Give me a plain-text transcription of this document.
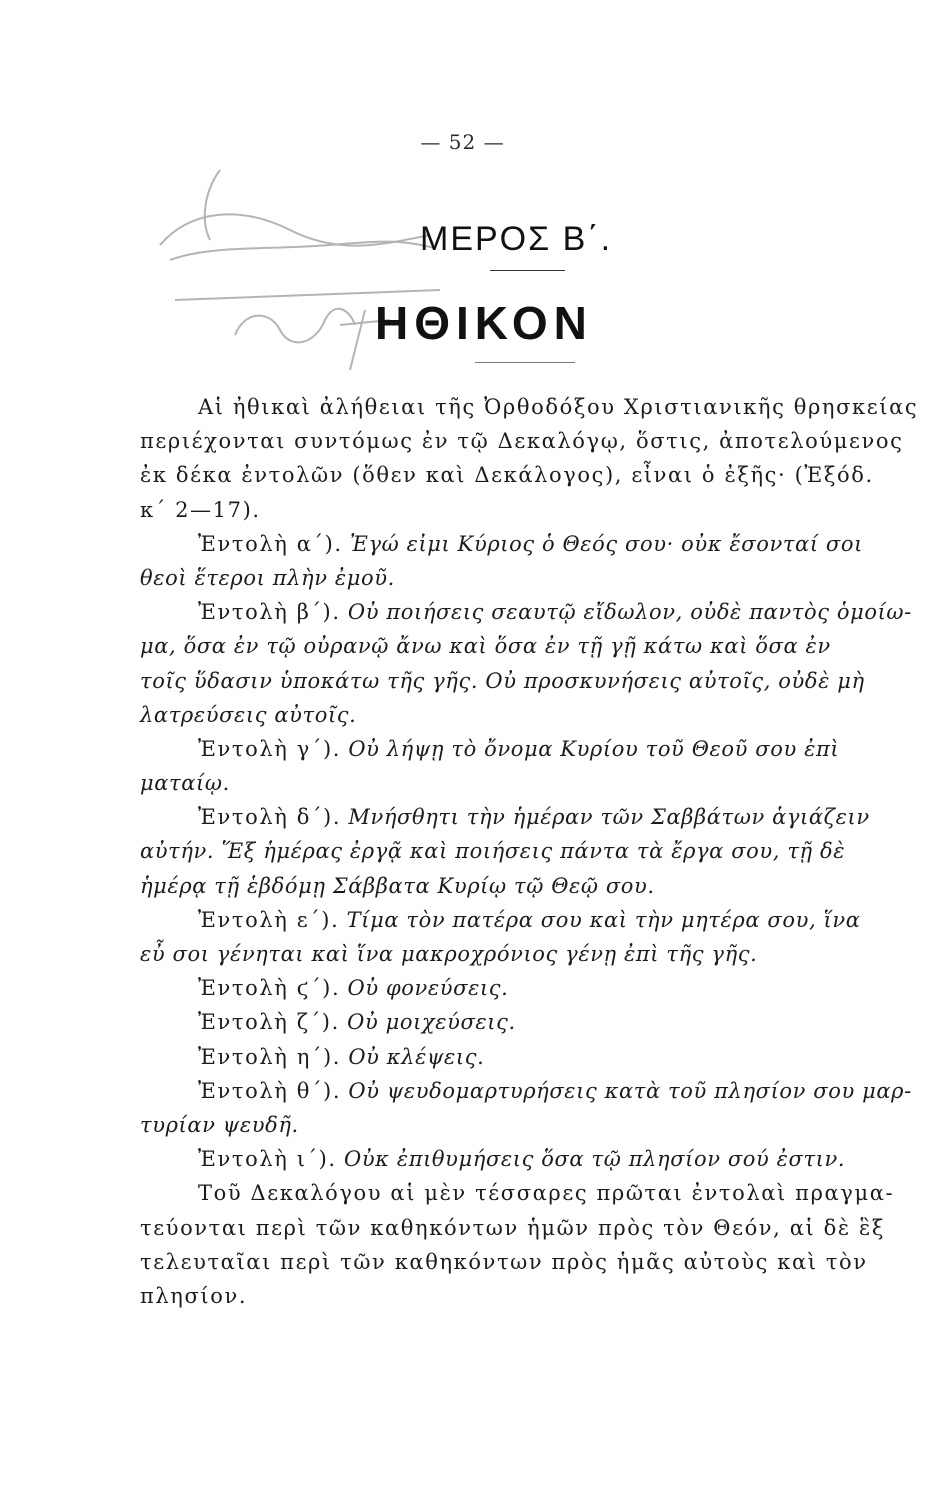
— 52 —
ΜΕΡΟΣ Β΄.
ΗΘΙΚΟΝ
Αἱ ἠθικαὶ ἀλήθειαι τῆς Ὀρθοδόξου Χριστιανικῆς θρησκείας
περιέχονται συντόμως ἐν τῷ Δεκαλόγῳ, ὅστις, ἀποτελούμενος
ἐκ δέκα ἐντολῶν (ὅθεν καὶ Δεκάλογος), εἶναι ὁ ἐξῆς· (Ἐξόδ.
κ΄ 2—17).
Ἐντολὴ α΄). Ἐγώ εἰμι Κύριος ὁ Θεός σου· οὐκ ἔσονταί σοι
θεοὶ ἕτεροι πλὴν ἐμοῦ.
Ἐντολὴ β΄). Οὐ ποιήσεις σεαυτῷ εἴδωλον, οὐδὲ παντὸς ὁμοίω-
μα, ὅσα ἐν τῷ οὐρανῷ ἄνω καὶ ὅσα ἐν τῇ γῇ κάτω καὶ ὅσα ἐν
τοῖς ὕδασιν ὑποκάτω τῆς γῆς. Οὐ προσκυνήσεις αὐτοῖς, οὐδὲ μὴ
λατρεύσεις αὐτοῖς.
Ἐντολὴ γ΄). Οὐ λήψῃ τὸ ὄνομα Κυρίου τοῦ Θεοῦ σου ἐπὶ
ματαίῳ.
Ἐντολὴ δ΄). Μνήσθητι τὴν ἡμέραν τῶν Σαββάτων ἁγιάζειν
αὐτήν. Ἕξ ἡμέρας ἐργᾷ καὶ ποιήσεις πάντα τὰ ἔργα σου, τῇ δὲ
ἡμέρᾳ τῇ ἑβδόμῃ Σάββατα Κυρίῳ τῷ Θεῷ σου.
Ἐντολὴ ε΄). Τίμα τὸν πατέρα σου καὶ τὴν μητέρα σου, ἵνα
εὖ σοι γένηται καὶ ἵνα μακροχρόνιος γένῃ ἐπὶ τῆς γῆς.
Ἐντολὴ ϛ΄). Οὐ φονεύσεις.
Ἐντολὴ ζ΄). Οὐ μοιχεύσεις.
Ἐντολὴ η΄). Οὐ κλέψεις.
Ἐντολὴ θ΄). Οὐ ψευδομαρτυρήσεις κατὰ τοῦ πλησίον σου μαρ-
τυρίαν ψευδῆ.
Ἐντολὴ ι΄). Οὐκ ἐπιθυμήσεις ὅσα τῷ πλησίον σού ἐστιν.
Τοῦ Δεκαλόγου αἱ μὲν τέσσαρες πρῶται ἐντολαὶ πραγμα-
τεύονται περὶ τῶν καθηκόντων ἡμῶν πρὸς τὸν Θεόν, αἱ δὲ ἓξ
τελευταῖαι περὶ τῶν καθηκόντων πρὸς ἡμᾶς αὐτοὺς καὶ τὸν
πλησίον.
